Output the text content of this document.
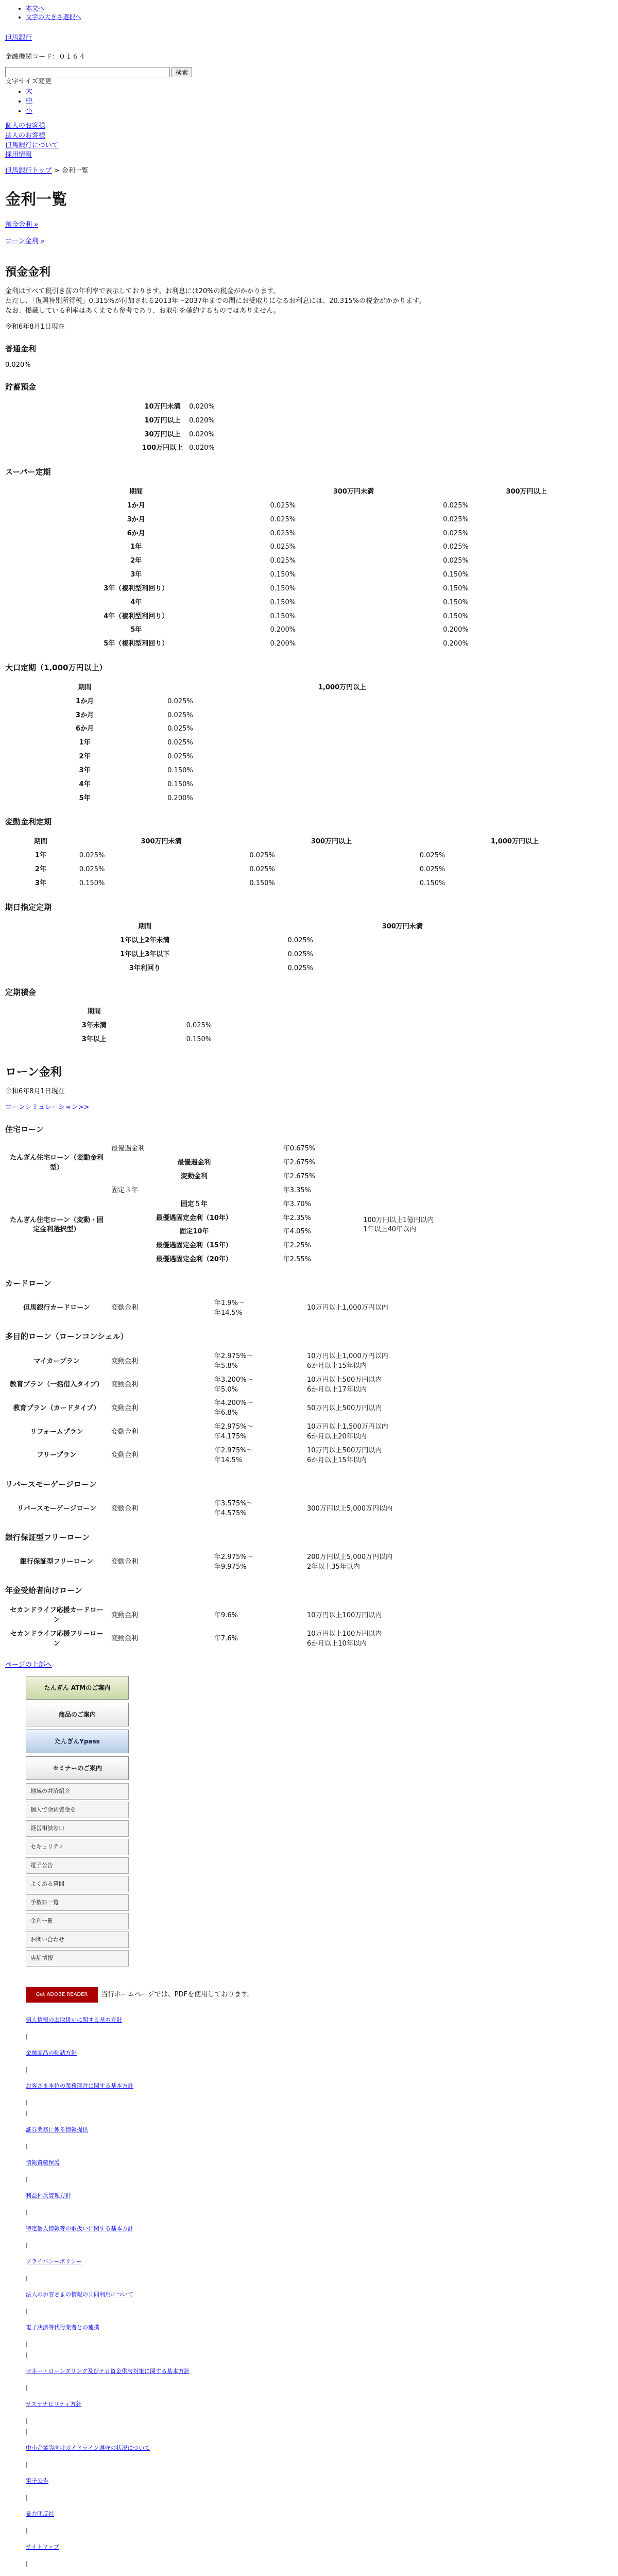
• 本文へ
• 文字の大きさ選択へ
但馬銀行
金融機関コード：０１６４
検索
文字サイズ変更
• 大
• 中
• 小
個人のお客様
法人のお客様
但馬銀行について
採用情報
但馬銀行トップ > 金利一覧
金利一覧
預金金利 »
ローン金利 »
預金金利

金利はすべて税引き前の年利率で表示しております。お利息には20%の税金がかかります。
ただし、「復興特別所得税」0.315%が付加される2013年〜2037年までの間にお受取りになるお利息には、20.315%の税金がかかります。
なお、掲載している利率はあくまでも参考であり、お取引を確約するものではありません。

令和6年8月1日現在

普通金利

0.020%

貯蓄預金
10万円未満	0.020%
10万円以上	0.020%
30万円以上	0.020%
100万円以上	0.020%
スーパー定期
期間	300万円未満	300万円以上
1か月	0.025%	0.025%
3か月	0.025%	0.025%
6か月	0.025%	0.025%
1年	0.025%	0.025%
2年	0.025%	0.025%
3年	0.150%	0.150%
3年（複利型利回り）	0.150%	0.150%
4年	0.150%	0.150%
4年（複利型利回り）	0.150%	0.150%
5年	0.200%	0.200%
5年（複利型利回り）	0.200%	0.200%
大口定期（1,000万円以上）
期間	1,000万円以上
1か月	0.025%
3か月	0.025%
6か月	0.025%
1年	0.025%
2年	0.025%
3年	0.150%
4年	0.150%
5年	0.200%
変動金利定期
期間	300万円未満	300万円以上	1,000万円以上
1年	0.025%	0.025%	0.025%
2年	0.025%	0.025%	0.025%
3年	0.150%	0.150%	0.150%
期日指定定期
期間	300万円未満
1年以上2年未満	0.025%
1年以上3年以下	0.025%
3年利回り	0.025%
定期積金
期間	
3年未満	0.025%
3年以上	0.150%
ローン金利

令和6年8月1日現在

ローンシミュレーション>>

住宅ローン
たんぎん住宅ローン（変動金利型）	最優遇金利	年0.675%	
	最優遇金利	年2.675%	
	変動金利	年2.675%	
たんぎん住宅ローン（変動・固定金利選択型）	固定３年	年3.35%	100万円以上1億円以内
1年以上40年以内
	固定５年	年3.70%	
	最優遇固定金利（10年）	年2.35%	
	固定10年	年4.05%	
	最優遇固定金利（15年）	年2.25%	
	最優遇固定金利（20年）	年2.55%	
カードローン
但馬銀行カードローン	変動金利	年1.9%〜
年14.5%	10万円以上1,000万円以内
多目的ローン（ローンコンシェル）
マイカープラン	変動金利	年2.975%〜
年5.8%	10万円以上1,000万円以内
6か月以上15年以内
教育プラン（一括借入タイプ）	変動金利	年3.200%〜
年5.0%	10万円以上500万円以内
6か月以上17年以内
教育プラン（カードタイプ）	変動金利	年4.200%〜
年6.8%	50万円以上500万円以内
リフォームプラン	変動金利	年2.975%〜
年4.175%	10万円以上1,500万円以内
6か月以上20年以内
フリープラン	変動金利	年2.975%〜
年14.5%	10万円以上500万円以内
6か月以上15年以内
リバースモーゲージローン
リバースモーゲージローン	変動金利	年3.575%〜
年4.575%	300万円以上5,000万円以内
銀行保証型フリーローン
銀行保証型フリーローン	変動金利	年2.975%〜
年9.975%	200万円以上5,000万円以内
2年以上35年以内
年金受給者向けローン
セカンドライフ応援カードローン	変動金利	年9.6%	10万円以上100万円以内
セカンドライフ応援フリーローン	変動金利	年7.6%	10万円以上100万円以内
6か月以上10年以内

ページの上部へ

たんぎん ATMのご案内
商品のご案内
たんぎんYpass
セミナーのご案内
地域の共済紹介
個人で余剰資金を
経営相談窓口
セキュリティ
電子公告
よくある質問
手数料一覧
金利一覧
お問い合わせ
店舗情報
Get ADOBE READER	当行ホームページでは、PDFを使用しております。
個人情報のお取扱いに関する基本方針
|
金融商品の勧誘方針
|
お客さま本位の業務運営に関する基本方針
|
|
証券業務に係る情報提供
|
情報資産保護
|
利益相反管理方針
|
特定個人情報等の取扱いに関する基本方針
|
プライバシーポリシー
|
法人のお客さまの情報の共同利用について
|
電子決済等代行業者との連携
|
|
マネー・ローンダリング及びテロ資金供与対策に関する基本方針
|
サステナビリティ方針
|
|
中小企業等向けガイドライン遵守の状況について
|
電子公告
|
暴力団反社
|
サイトマップ
|
